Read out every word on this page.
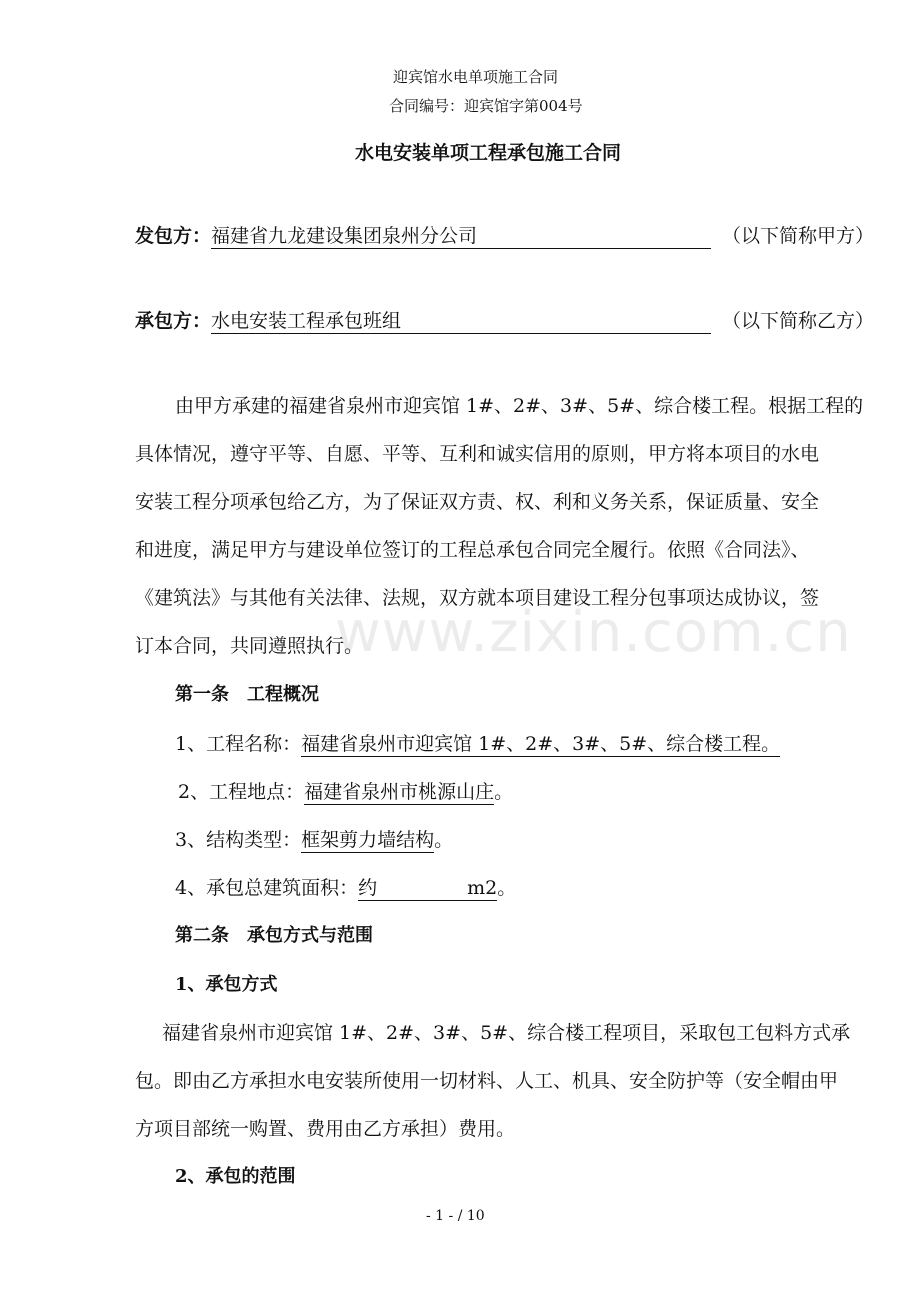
迎宾馆水电单项施工合同
合同编号：迎宾馆字第004号
水电安装单项工程承包施工合同
发包方：福建省九龙建设集团泉州分公司	（以下简称甲方）
承包方：水电安装工程承包班组	（以下简称乙方）
由甲方承建的福建省泉州市迎宾馆 1#、2#、3#、5#、综合楼工程。根据工程的
具体情况，遵守平等、自愿、平等、互利和诚实信用的原则，甲方将本项目的水电
安装工程分项承包给乙方，为了保证双方责、权、利和义务关系，保证质量、安全
和进度，满足甲方与建设单位签订的工程总承包合同完全履行。依照《合同法》、
《建筑法》与其他有关法律、法规，双方就本项目建设工程分包事项达成协议，签
订本合同，共同遵照执行。
www.zixin.com.cn
第一条　工程概况
1、工程名称：福建省泉州市迎宾馆 1#、2#、3#、5#、综合楼工程。
2、工程地点：福建省泉州市桃源山庄。
3、结构类型：框架剪力墙结构。
4、承包总建筑面积：约	m2。
第二条　承包方式与范围
1、承包方式
福建省泉州市迎宾馆 1#、2#、3#、5#、综合楼工程项目，采取包工包料方式承
包。即由乙方承担水电安装所使用一切材料、人工、机具、安全防护等（安全帽由甲
方项目部统一购置、费用由乙方承担）费用。
2、承包的范围
- 1 - / 10
